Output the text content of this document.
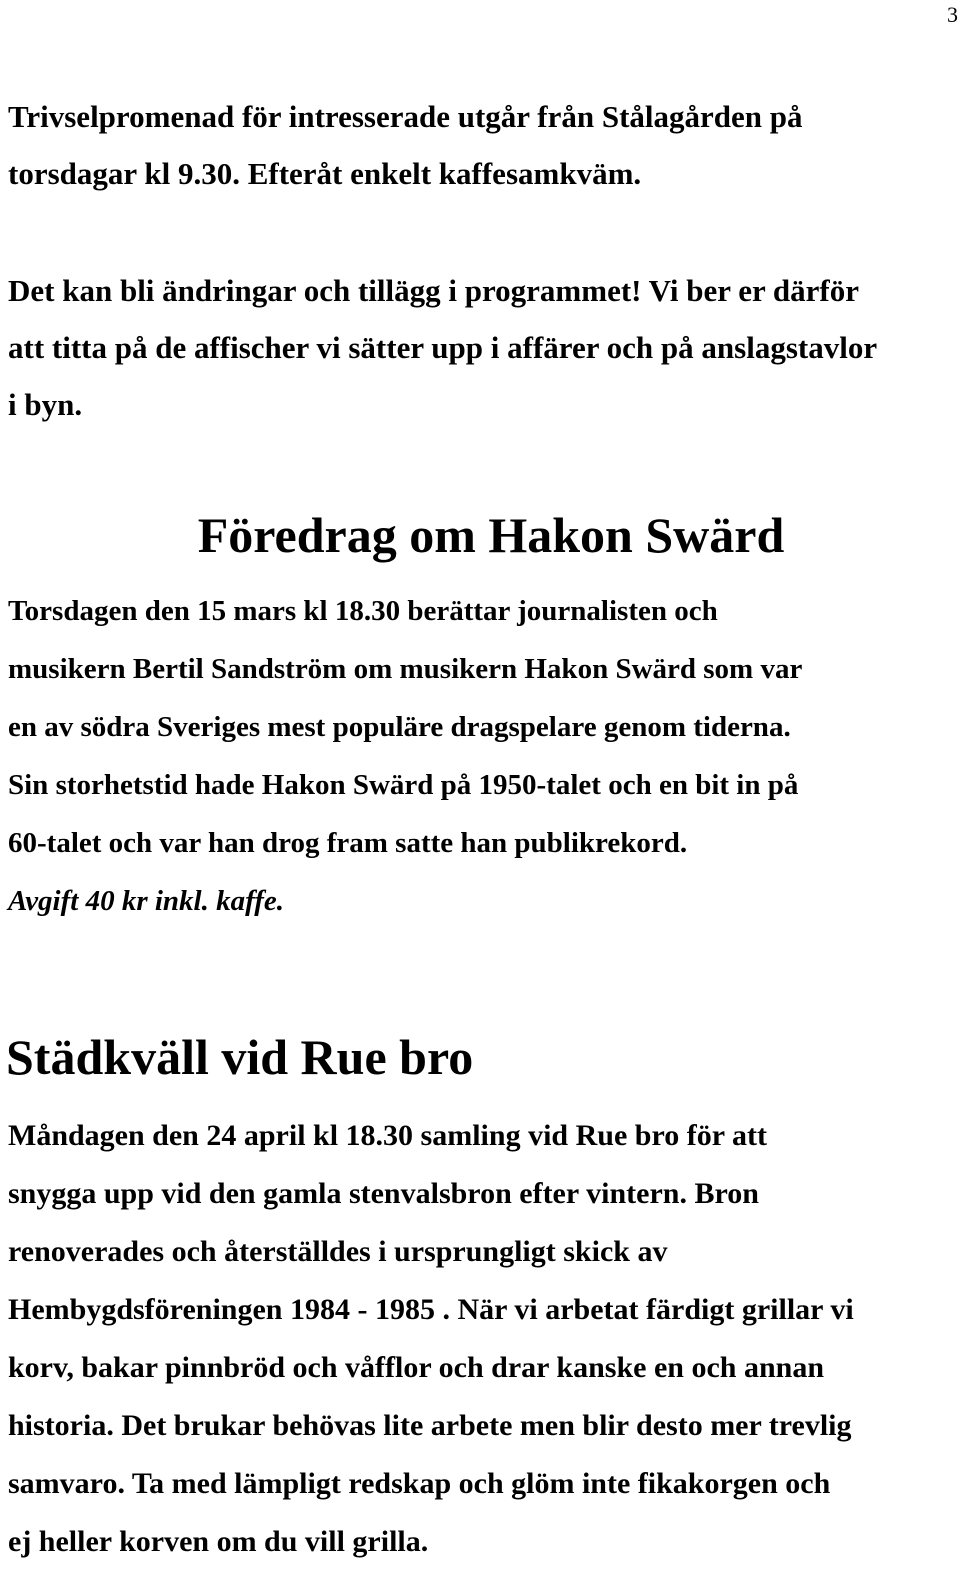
3

Trivselpromenad för intresserade utgår från Stålagården på
torsdagar kl 9.30. Efteråt enkelt kaffesamkväm.

Det kan bli ändringar och tillägg i programmet! Vi ber er därför
att titta på de affischer vi sätter upp i affärer och på anslagstavlor
i byn.

Föredrag om Hakon Swärd

Torsdagen den 15 mars kl 18.30 berättar journalisten och
musikern Bertil Sandström om musikern Hakon Swärd som var
en av södra Sveriges mest populäre dragspelare genom tiderna.
Sin storhetstid hade Hakon Swärd på 1950-talet och en bit in på
60-talet och var han drog fram satte han publikrekord.
Avgift 40 kr inkl. kaffe.

Städkväll vid Rue bro

Måndagen den 24 april kl 18.30 samling vid Rue bro för att
snygga upp vid den gamla stenvalsbron efter vintern. Bron
renoverades och återställdes i ursprungligt skick av
Hembygdsföreningen 1984 - 1985 . När vi arbetat färdigt grillar vi
korv, bakar pinnbröd och våfflor och drar kanske en och annan
historia. Det brukar behövas lite arbete men blir desto mer trevlig
samvaro. Ta med lämpligt redskap och glöm inte fikakorgen och
ej heller korven om du vill grilla.
